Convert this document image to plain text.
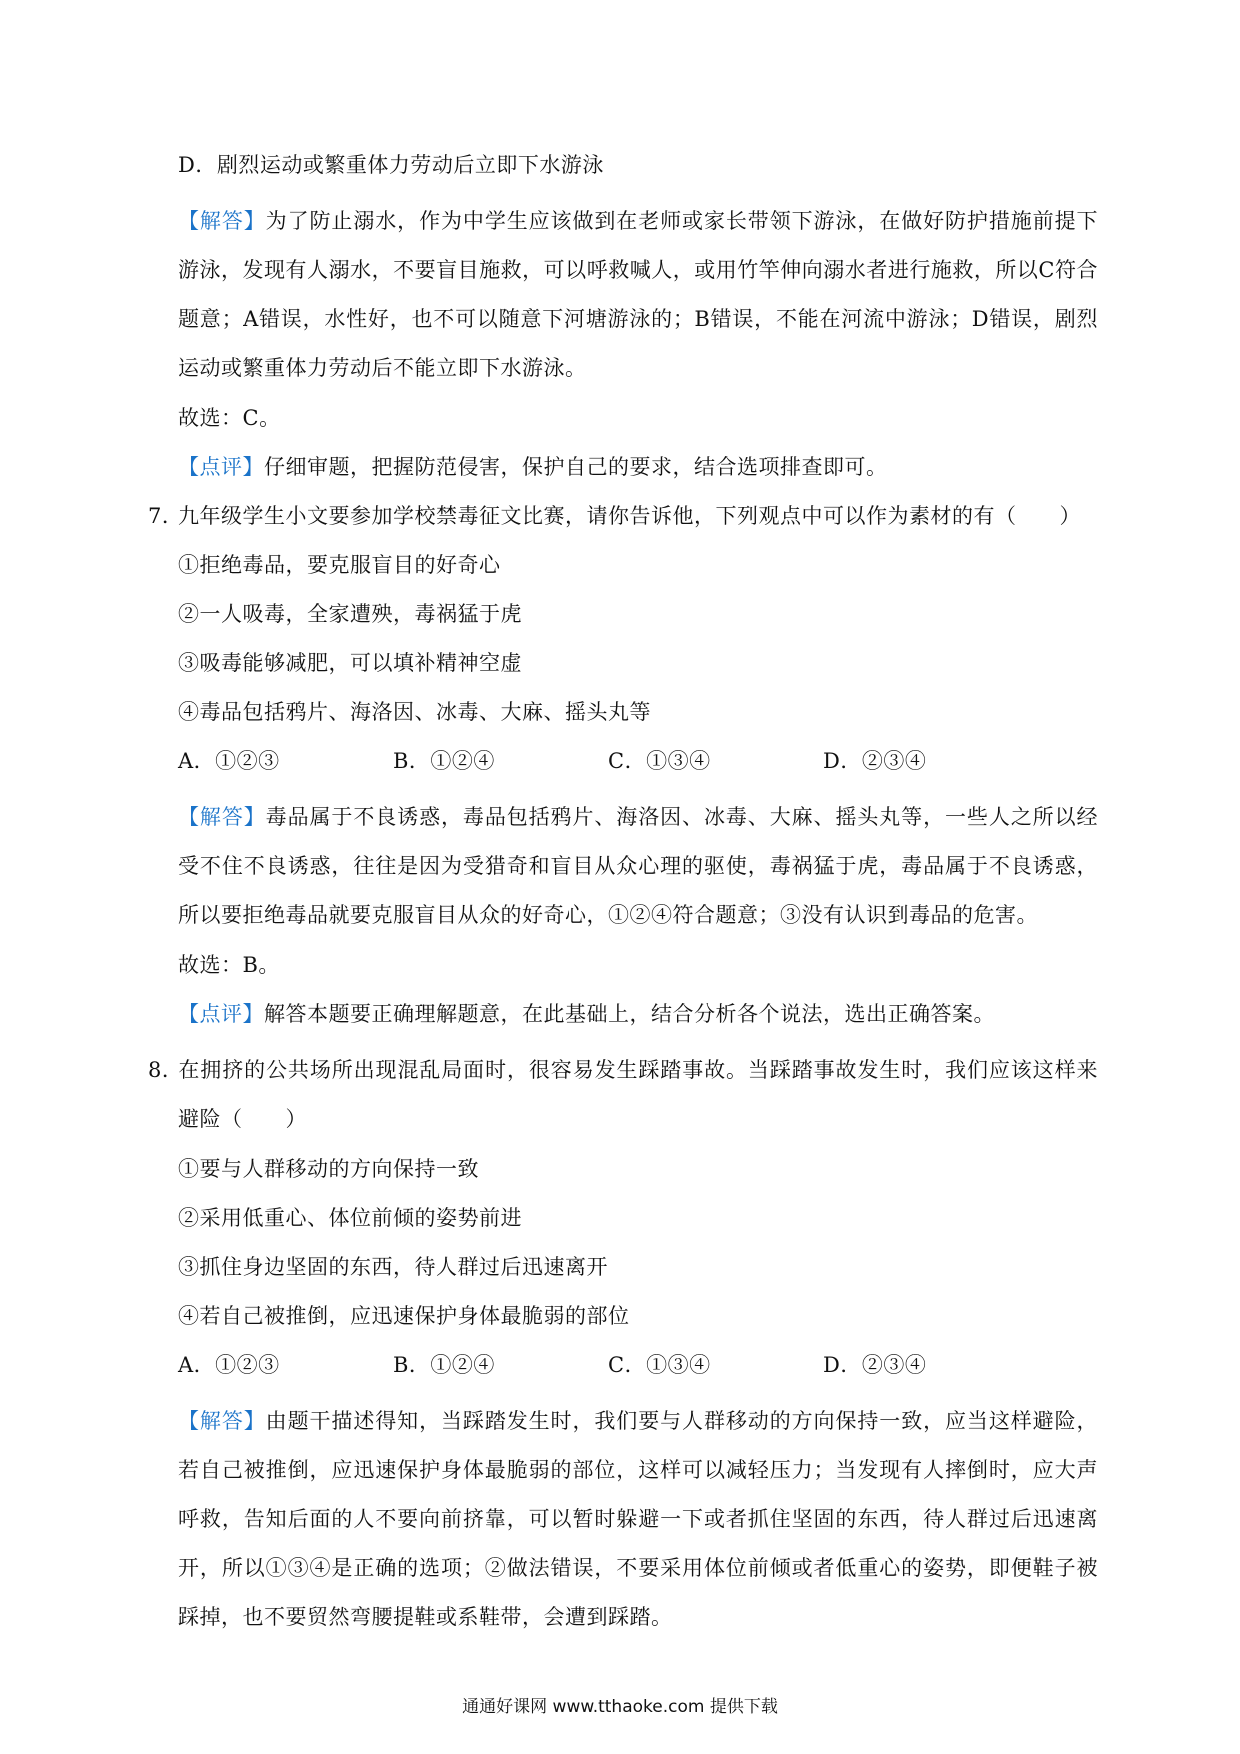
D．剧烈运动或繁重体力劳动后立即下水游泳
【解答】为了防止溺水，作为中学生应该做到在老师或家长带领下游泳，在做好防护措施前提下游泳，发现有人溺水，不要盲目施救，可以呼救喊人，或用竹竿伸向溺水者进行施救，所以C符合题意；A错误，水性好，也不可以随意下河塘游泳的；B错误，不能在河流中游泳；D错误，剧烈运动或繁重体力劳动后不能立即下水游泳。
故选：C。
【点评】仔细审题，把握防范侵害，保护自己的要求，结合选项排查即可。
7．九年级学生小文要参加学校禁毒征文比赛，请你告诉他，下列观点中可以作为素材的有（　　）
①拒绝毒品，要克服盲目的好奇心
②一人吸毒，全家遭殃，毒祸猛于虎
③吸毒能够减肥，可以填补精神空虚
④毒品包括鸦片、海洛因、冰毒、大麻、摇头丸等
A．①②③	B．①②④	C．①③④	D．②③④
【解答】毒品属于不良诱惑，毒品包括鸦片、海洛因、冰毒、大麻、摇头丸等，一些人之所以经受不住不良诱惑，往往是因为受猎奇和盲目从众心理的驱使，毒祸猛于虎，毒品属于不良诱惑，所以要拒绝毒品就要克服盲目从众的好奇心，①②④符合题意；③没有认识到毒品的危害。
故选：B。
【点评】解答本题要正确理解题意，在此基础上，结合分析各个说法，选出正确答案。
8．在拥挤的公共场所出现混乱局面时，很容易发生踩踏事故。当踩踏事故发生时，我们应该这样来避险（　　）
①要与人群移动的方向保持一致
②采用低重心、体位前倾的姿势前进
③抓住身边坚固的东西，待人群过后迅速离开
④若自己被推倒，应迅速保护身体最脆弱的部位
A．①②③	B．①②④	C．①③④	D．②③④
【解答】由题干描述得知，当踩踏发生时，我们要与人群移动的方向保持一致，应当这样避险，若自己被推倒，应迅速保护身体最脆弱的部位，这样可以减轻压力；当发现有人摔倒时，应大声呼救，告知后面的人不要向前挤靠，可以暂时躲避一下或者抓住坚固的东西，待人群过后迅速离开，所以①③④是正确的选项；②做法错误，不要采用体位前倾或者低重心的姿势，即便鞋子被踩掉，也不要贸然弯腰提鞋或系鞋带，会遭到踩踏。
通通好课网 www.tthaoke.com 提供下载
